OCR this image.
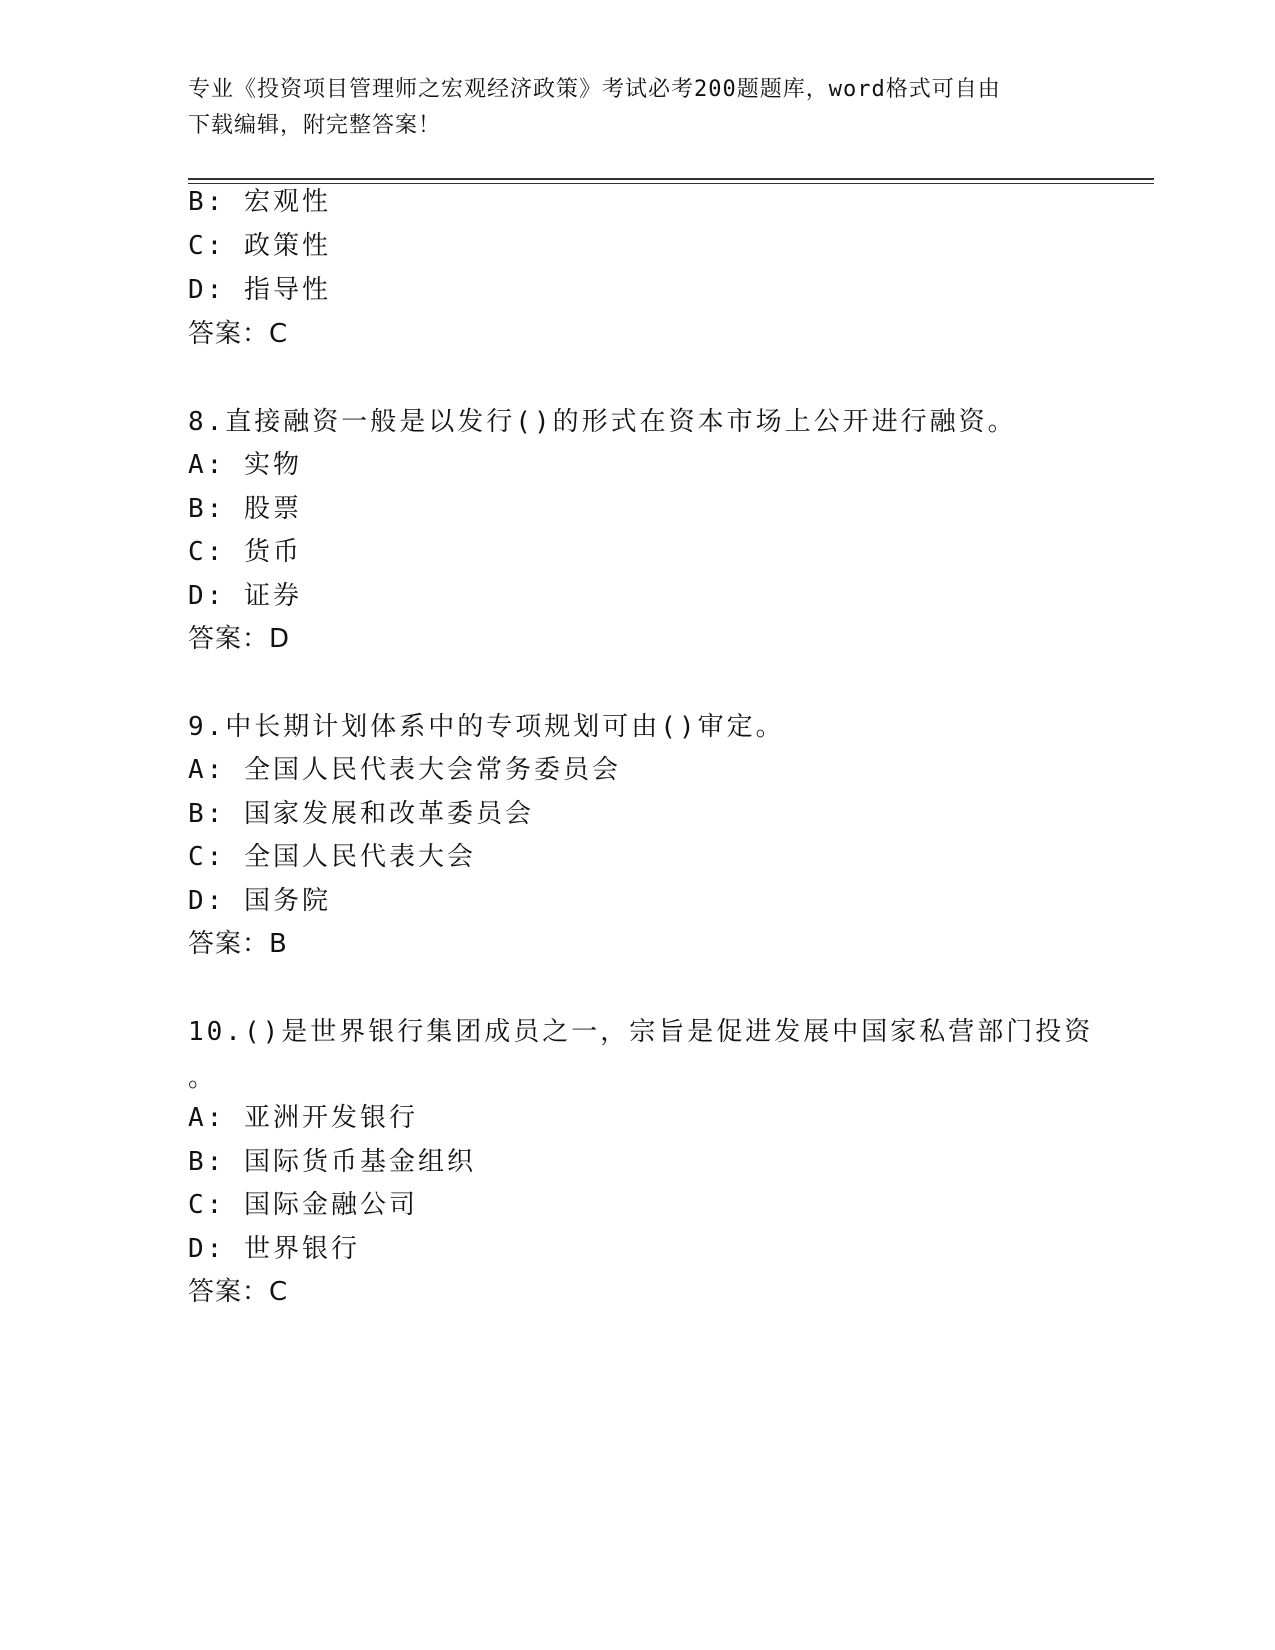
专业《投资项目管理师之宏观经济政策》考试必考200题题库，word格式可自由
下载编辑，附完整答案！
B: 宏观性
C: 政策性
D: 指导性
答案：C
8.直接融资一般是以发行()的形式在资本市场上公开进行融资。
A: 实物
B: 股票
C: 货币
D: 证券
答案：D
9.中长期计划体系中的专项规划可由()审定。
A: 全国人民代表大会常务委员会
B: 国家发展和改革委员会
C: 全国人民代表大会
D: 国务院
答案：B
10.()是世界银行集团成员之一，宗旨是促进发展中国家私营部门投资
。
A: 亚洲开发银行
B: 国际货币基金组织
C: 国际金融公司
D: 世界银行
答案：C
